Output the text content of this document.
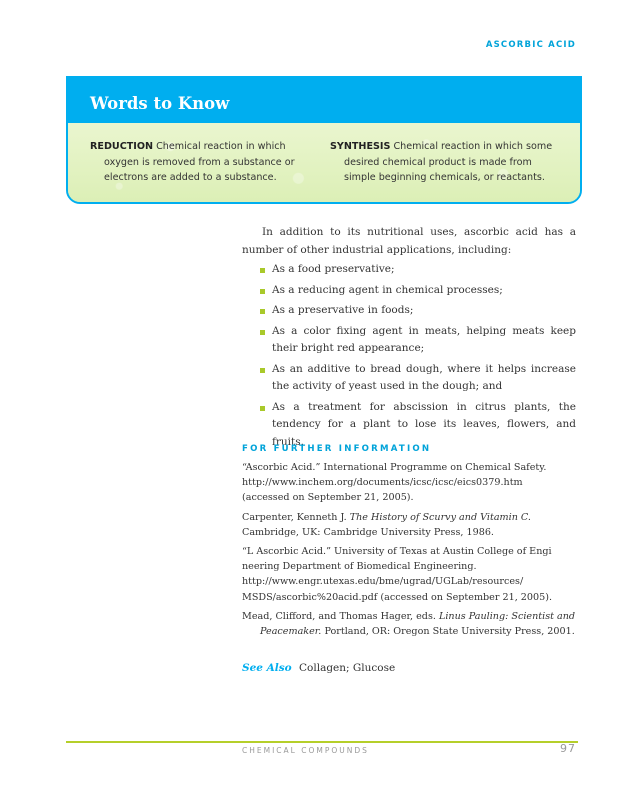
ASCORBIC ACID
Words to Know
REDUCTION Chemical reaction in which
oxygen is removed from a substance or
electrons are added to a substance.
SYNTHESIS Chemical reaction in which some
desired chemical product is made from
simple beginning chemicals, or reactants.

In addition to its nutritional uses, ascorbic acid has a number of other industrial applications, including:

As a food preservative;
As a reducing agent in chemical processes;
As a preservative in foods;
As a color fixing agent in meats, helping meats keep their bright red appearance;
As an additive to bread dough, where it helps increase the activity of yeast used in the dough; and
As a treatment for abscission in citrus plants, the tendency for a plant to lose its leaves, flowers, and fruits.
FOR FURTHER INFORMATION
“Ascorbic Acid.” International Programme on Chemical Safety.
http://www.inchem.org/documents/icsc/icsc/eics0379.htm
(accessed on September 21, 2005).
Carpenter, Kenneth J. The History of Scurvy and Vitamin C.
Cambridge, UK: Cambridge University Press, 1986.
“L Ascorbic Acid.” University of Texas at Austin College of Engi
neering Department of Biomedical Engineering.
http://www.engr.utexas.edu/bme/ugrad/UGLab/resources/
MSDS/ascorbic%20acid.pdf (accessed on September 21, 2005).
Mead, Clifford, and Thomas Hager, eds. Linus Pauling: Scientist and Peacemaker. Portland, OR: Oregon State University Press, 2001.
See Also Collagen; Glucose
CHEMICAL COMPOUNDS	97
